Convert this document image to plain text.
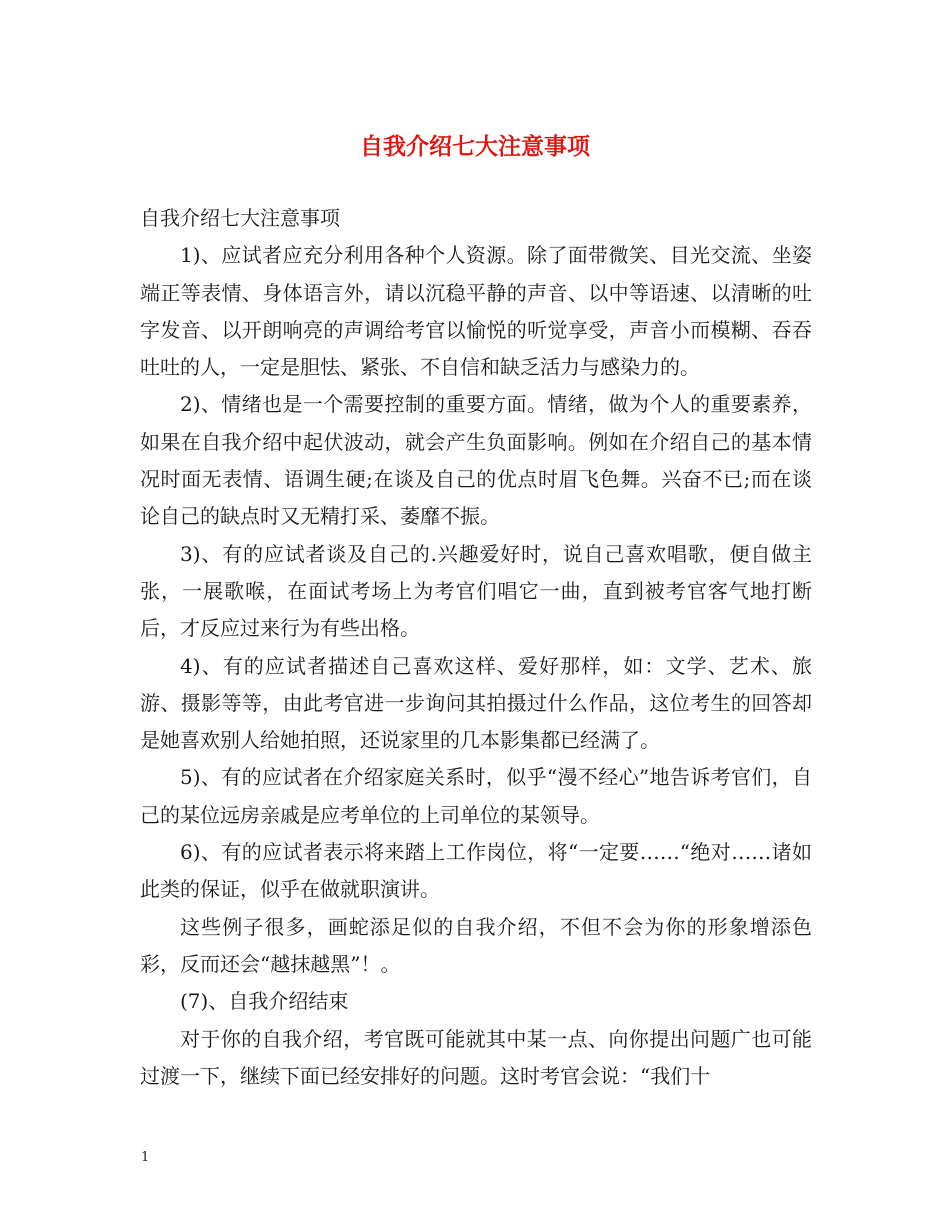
自我介绍七大注意事项

自我介绍七大注意事项

1)、应试者应充分利用各种个人资源。除了面带微笑、目光交流、坐姿端正等表情、身体语言外，请以沉稳平静的声音、以中等语速、以清晰的吐字发音、以开朗响亮的声调给考官以愉悦的听觉享受，声音小而模糊、吞吞吐吐的人，一定是胆怯、紧张、不自信和缺乏活力与感染力的。

2)、情绪也是一个需要控制的重要方面。情绪，做为个人的重要素养，如果在自我介绍中起伏波动，就会产生负面影响。例如在介绍自己的基本情况时面无表情、语调生硬;在谈及自己的优点时眉飞色舞。兴奋不已;而在谈论自己的缺点时又无精打采、萎靡不振。

3)、有的应试者谈及自己的.兴趣爱好时，说自己喜欢唱歌，便自做主张，一展歌喉，在面试考场上为考官们唱它一曲，直到被考官客气地打断后，才反应过来行为有些出格。

4)、有的应试者描述自己喜欢这样、爱好那样，如：文学、艺术、旅游、摄影等等，由此考官进一步询问其拍摄过什么作品，这位考生的回答却是她喜欢别人给她拍照，还说家里的几本影集都已经满了。

5)、有的应试者在介绍家庭关系时，似乎“漫不经心”地告诉考官们，自己的某位远房亲戚是应考单位的上司单位的某领导。

6)、有的应试者表示将来踏上工作岗位，将“一定要……“绝对……诸如此类的保证，似乎在做就职演讲。

这些例子很多，画蛇添足似的自我介绍，不但不会为你的形象增添色彩，反而还会“越抹越黑”！。

(7)、自我介绍结束

对于你的自我介绍，考官既可能就其中某一点、向你提出问题广也可能过渡一下，继续下面已经安排好的问题。这时考官会说：“我们十

1
